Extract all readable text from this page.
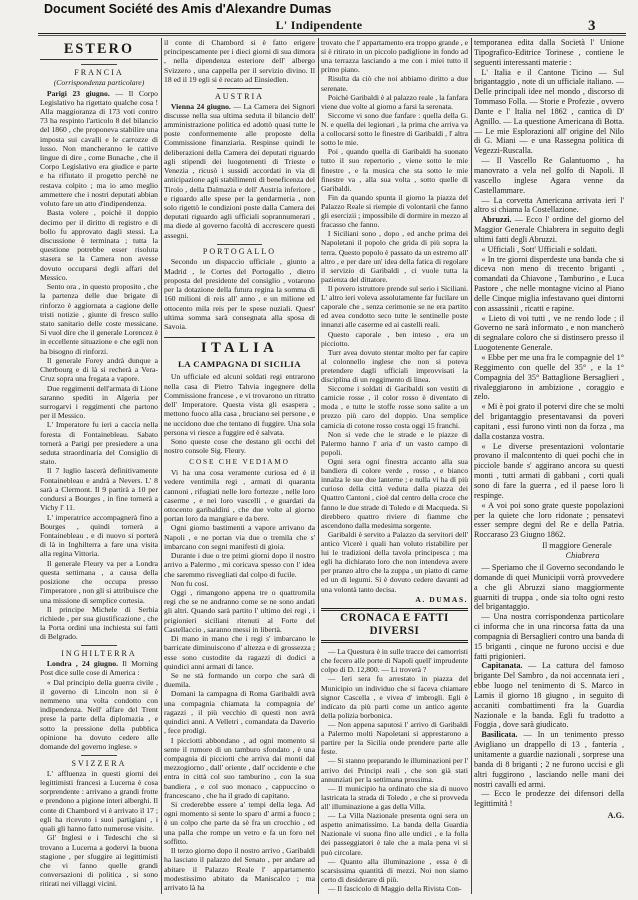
Document Société des Amis d'Alexandre Dumas
L' Indipendente	3
ESTERO
FRANCIA
(Corrispondenza particolare)

Parigi 23 giugno. — Il Corpo Legislativo ha rigettato qualche cosa ! Alla maggioranza di 173 voti contro 73 ha respinto l'articolo 8 del bilancio del 1860 , che proponeva stabilire una imposta sui cavalli e le carrozze di lusso. Non mancheranno le cattive lingue di dire , come Bunache , che il Corpo Legislativo era giudice e parte e ha rifiutato il progetto perchè ne restava colpito ; ma io amo meglio ammettere che i nostri deputati abbian voluto fare un atto d'indipendenza.

Basta volere , poichè il doppio decimo per il diritto di registro e di bollo fu approvato dagli stessi. La discussione è terminata ; tutta la questione potrebbe esser risoluta stasera se la Camera non avesse dovuto occuparsi degli affari del Messico.

Sento ora , in questo proposito , che la partenza delle due brigate di rinforzo è aggiornata a cagione delle tristi notizie , giunte di fresco sullo stato sanitario delle coste messicane. Si vuol dire che il generale Lorencez è in eccellente situazione e che egli non ha bisogno di rinforzi.

Il generale Forey andrà dunque a Cherbourg e di là si recherà a Vera-Cruz sopra una fregata a vapore.

Due reggimenti dell'armata di Lione saranno spediti in Algeria per surrogarvi i reggimenti che partono per il Messico.

L' Imperatore fu ieri a caccia nella foresta di Fontainebleau. Sabato tornerà a Parigi per presiedere a una seduta straordinaria del Consiglio di stato.

Il 7 luglio lascerà definitivamente Fontainebleau e andrà a Nevers. L' 8 sarà a Clermont. Il 9 partirà a 10 per condursi a Bourges , in fine tornerà a Vichy l' 11.

L' imperatrice accompagnerà fino a Bourges , quindi tornerà a Fontainebleau , e di nuovo si porterà di là in Inghilterra a fare una visita alla regina Vittoria.

Il generale Fleury va per a Londra questa settimana , a causa della posizione che occupa presso l'imperatore , non gli si attribuisce che una missione di semplice cortesia.

Il principe Michele di Serbia richiede , per sua giustificazione , che la Porta ordini una inchiesta sui fatti di Belgrado.

INGHILTERRA

Londra , 24 giugno. Il Morning Post dice sulle cose di America :

« Dal principio della guerra civile , il governo di Lincoln non si è nemmeno una volta condotto con indipendenza. Nell' affare del Trent prese la parte della diplomazia , e sotto la pressione della pubblica opinione ha dovuto cedere alle domande del governo inglese. »

SVIZZERA

L' affluenza in questi giorni dei legittimisti francesi a Lucerna è cosa sorprendente : arrivano a grandi frotte e prendono a pigione interi alberghi. Il conte di Chambord vi è arrivato il 17 ; egli ha ricevuto i suoi partigiani , i quali gli hanno fatto numerose visite.

Gl' Inglesi e i Tedeschi che si trovano a Lucerna a godervi la buona stagione , per sfuggire ai legittimisti che vi fanno quelle grandi conversazioni di politica , si sono ritirati nei villaggi vicini.

il conte di Chambord si è fatto erigere principescamente per i dieci giorni di sua dimora , nella dipendenza esteriore dell' albergo Svizzero , una cappella per il servizio divino. Il 18 ed il 19 egli si è recato ad Einsiedlen.

AUSTRIA

Vienna 24 giugno. — La Camera dei Signori discusse nella sua ultima seduta il bilancio dell' amministrazione politica ed adottò quasi tutte le poste conformemente alle proposte della Commissione finanziaria. Respinse quindi le deliberazioni della Camera dei deputati riguardo agli stipendi dei luogotenenti di Trieste e Venezia , ricusò i sussidi accordati in via di anticipazione agli stabilimenti di beneficenza del Tirolo , della Dalmazia e dell' Austria inferiore , e riguardo alle spese per la gendarmeria , non solo rigettò le condizioni poste dalla Camera dei deputati riguardo agli ufficiali soprannumerari , ma diede al governo facoltà di accrescere questi assegni.

PORTOGALLO

Secondo un dispaccio ufficiale , giunto a Madrid , le Cortes del Portogallo , dietro proposta del presidente del consiglio , votarono per la dotazione della futura regina la somma di 160 milioni di reis all' anno , e un milione ed ottocento mila reis per le spese nuziali. Quest' ultima somma sarà consegnata alla sposa di Savoia.

ITALIA
LA CAMPAGNA DI SICILIA

Un ufficiale ed alcuni soldati regi entrarono nella casa di Pietro Tahvia ingegnere della Commissione francese , e vi trovarono un ritratto dell' Imperatore. Questa vista gli esaspera , mettono fuoco alla casa , bruciano sei persone , e ne uccidono due che tentano di fuggire. Una sola persona vi riesce a fuggire ed è salvata.

Sono queste cose che destano gli occhi del nostro console Sig. Fleury.

COSE CHE VEDIAMO

Vi ha una cosa veramente curiosa ed è il vedere ventimila regi , armati di quaranta cannoni , rifugiati nelle loro fortezze , nelle loro caserme , e nei loro vascelli , e guardati da ottocento garibaldini , che due volte al giorno portan loro da mangiare e da bere.

Ogni giorno bastimenti a vapore arrivano da Napoli , e ne portan via due o tremila che s' imbarcano con segni manifesti di gioia.

Durante i due o tre primi giorni dopo il nostro arrivo a Palermo , mi coricava spesso con l' idea che saremmo risvegliati dal colpo di fucile.

Non fu così.

Oggi , rimangono appena tre o quattromila regi che se ne andranno come se ne sono andati gli altri. Quando sarà partito l' ultimo dei regi , i prigionieri siciliani ritenuti al Forte del Castellaccio , saranno messi in libertà.

Di mano in mano che i regi s' imbarcano le barricate diminuiscono d' altezza e di grossezza ; esse sono custodite da ragazzi di dodici a quindici anni armati di lance.

Se ne stà formando un corpo che sarà di duemila.

Domani la campagna di Roma Garibaldi avrà una compagnia chiamata la compagnia de' ragazzi , il più vecchio di questi non avrà quindici anni. A Velletri , comandata da Daverio , fece prodigi.

I picciotti abbondano , ad ogni momento si sente il rumore di un tamburo sfondato , è una compagnia di picciotti che arriva dai monti dal mezzogiorno , dall' oriente , dall' occidente e che entra in città col suo tamburino , con la sua bandiera , e col suo monaco , cappuccino o francescano , che ha il grado di capitano.

Si crederebbe essere a' tempi della lega. Ad ogni momento si sente lo sparo d' armi a fuoco ; è un colpo che parte da sè fra un crocchio , ed una palla che rompe un vetro e fa un foro nel soffitto.

Il terzo giorno dopo il nostro arrivo , Garibaldi ha lasciato il palazzo del Senato , per andare ad abitare il Palazzo Reale l' appartamento modestissimo abitato da Maniscalco ; ma arrivato là ha

trovato che l' appartamento era troppo grande , e si è ritirato in un piccolo padiglione in fondo ad una terrazza lasciando a me con i miei tutto il primo piano.

Risulta da ciò che noi abbiamo diritto a due serenate.

Poichè Garibaldi è al palazzo reale , la fanfara viene due volte al giorno a farsi la serenata.

Siccome vi sono due fanfare : quella della G. N. e quella dei legionari , la prima che arriva va a collocarsi sotto le finestre di Garibaldi , l' altra sotto le mie.

Poi , quando quella di Garibaldi ha suonato tutto il suo repertorio , viene sotto le mie finestre , e la musica che sta sotto le mie finestre va , alla sua volta , sotto quelle di Garibaldi.

Fin da quando spunta il giorno la piazza del Palazzo Reale si riempie di volontarii che fanno gli esercizii ; impossibile di dormire in mezzo al fracasso che fanno.

I Siciliani sono , dopo , ed anche prima dei Napoletani il popolo che grida di più sopra la terra. Questo popolo è passato da un estremo all' altro , e per dare un' idea della fatica di regolare il servizio di Garibaldi , ci vuole tutta la pazienza del dittatore.

Il povero istruttore prende sul serio i Siciliani. L' altro ieri voleva assolutamente far fucilare un caporale che , senza cerimonie se ne era partito ed avea condotto seco tutte le sentinelle poste innanzi alle caserme ed ai castelli reali.

Questo caporale , ben inteso , era un picciotto.

Turr avea dovuto stentar molto per far capire al colonnello inglese che non si poteva pretendere dagli ufficiali improvvisati la disciplina di un reggimento di linea.

Siccome i soldati di Garibaldi son vestiti di camicie rosse , il color rosso è diventato di moda , e tutte le stoffe rosse sono salite a un prezzo più caro del doppio. Una semplice camicia di cotone rosso costa oggi 15 franchi.

Non si vede che le strade e le piazze di Palermo hanno l' aria d' un vasto campo di popoli.

Ogni sera ogni finestra accanto alla sua bandiera di colore verde , rosso , e bianco innalza le sue due lanterne ; e nulla vi ha di più curioso della città veduta dalla piazza dei Quattro Cantoni , cioè dal centro della croce che fanno le due strade di Toledo e di Macqueda. Si direbbero quattro riviere di fiamme che ascendono dalla medesima sorgente.

Garibaldi è servito a Palazzo da servitori dell' antico Vicerè i quali han voluto ristabilire per lui le tradizioni della tavola principesca ; ma egli ha dichiarato loro che non intendeva avere per pranzo altro che la zuppa , un piatto di carne ed un di legumi. Si è dovuto cedere davanti ad una volontà tanto decisa.

A. DUMAS.
CRONACA E FATTI DIVERSI

— La Questura è in sulle tracce dei camorristi che fecero alle porte di Napoli quell' imprudente colpo di D. 12,800. — Li troverà ?

— Ieri sera fu arrestato in piazza del Municipio un individuo che si faceva chiamare signor Cascella , e vivea d' imbrogli. Egli è indicato da più parti come un antico agente della polizia borbonica.

— Non appena saputosi l' arrivo di Garibaldi a Palermo molti Napoletani si apprestarono a partire per la Sicilia onde prendere parte alle feste.

— Si stanno preparando le illuminazioni per l' arrivo dei Principi reali , che son già stati annunziati per la settimana prossima.

— Il municipio ha ordinato che sia di nuovo lastricata la strada di Toledo , e che si provveda all' illuminazione a gas della Villa.

— La Villa Nazionale presenta ogni sera un aspetto animatissimo. La banda della Guardia Nazionale vi suona fino alle undici , e la folla dei passeggiatori è tale che a mala pena vi si può circolare.

— Quanto alla illuminazione , essa è di scarsissima quantità di mezzi. Noi non siamo certo di desiderare di più.

— Il fascicolo di Maggio della Rivista Con-

temporanea edita dalla Società l' Unione Tipografico-Editrice Torinese , contiene le seguenti interessanti materie :

L' Italia e il Cantone Ticino — Sul brigantaggio , note di un ufficiale italiano. — Delle principali idee nel mondo , discorso di Tommaso Folla. — Storie e Profezie , ovvero Dante e l' Italia nel 1862 , cantica di D' Agnillo. — La questione Americana di Botta. — Le mie Esplorazioni all' origine del Nilo di G. Miani — e una Rassegna politica di Vegezzi-Ruscalla.

— Il Vascello Re Galantuomo , ha manovrato a vela nel golfo di Napoli. Il vascello inglese Agara venne da Castellammare.

— La corvetta Americana arrivata ieri l' altro si chiama la Costellazione.

Abruzzi. — Ecco l' ordine del giorno del Maggior Generale Chiabrera in seguito degli ultimi fatti degli Abruzzi.

« Ufficiali , Sott' Ufficiali e soldati.

« In tre giorni disperdeste una banda che si diceva non meno di trecento briganti , comandati da Chiavone , Tamburino , e Luca Pastore , che nelle montagne vicino al Piano delle Cinque miglia infestavano quei dintorni con assassinii , ricatti e rapine.

« Lieto di voi tutti , ve ne rendo lode ; il Governo ne sarà informato , e non mancherò di segnalare coloro che si distinsero presso il Luogotenente Generale.

« Ebbe per me una fra le compagnie del 1° Reggimento con quelle del 35° , e la 1° Compagnia del 35° Battaglione Bersaglieri , rivaleggiarono in ambizione , coraggio e zelo.

« Mi è poi grato il potervi dire che se molti del brigantaggio presentavansi da poveri capitani , essi furono vinti non da forza , ma dalla costanza vostra.

« Le diverse presentazioni volontarie provano il malcontento di quei pochi che in picciole bande s' aggirano ancora su questi monti , tutti armati di gabbani , corti quali sono di fare la guerra , ed il paese loro li respinge.

« A voi poi sono grate queste popolazioni per la quiete che loro ridonate ; pensatevi esser sempre degni del Re e della Patria. Roccaraso 23 Giugno 1862.

Il maggiore Generale
Chiabrera

— Speriamo che il Governo secondando le domande di quei Municipii vorrà provvedere a che gli Abruzzi siano maggiormente guarniti di truppa , onde sia tolto ogni resto del brigantaggio.

— Una nostra corrispondenza particolare ci informa che in una rincorsa fatta da una compagnia di Bersaglieri contro una banda di 15 briganti , cinque ne furono uccisi e due fatti prigionieri.

Capitanata. — La cattura del famoso brigante Del Sambro , da noi accennata ieri , ebbe luogo nel tenimento di S. Marco in Lamis il giorno 18 giugno , in seguito di accaniti combattimenti fra la Guardia Nazionale e la banda. Egli fu tradotto a Foggia , dove sarà giudicato.

Basilicata. — In un tenimento presso Avigliano un drappello di 13 , fanteria , unitamente a guardie nazionali , sorprese una banda di 8 briganti ; 2 ne furono uccisi e gli altri fuggirono , lasciando nelle mani dei nostri cavalli ed armi.

— Ecco le prodezze dei difensori della legittimità !

A.G.
